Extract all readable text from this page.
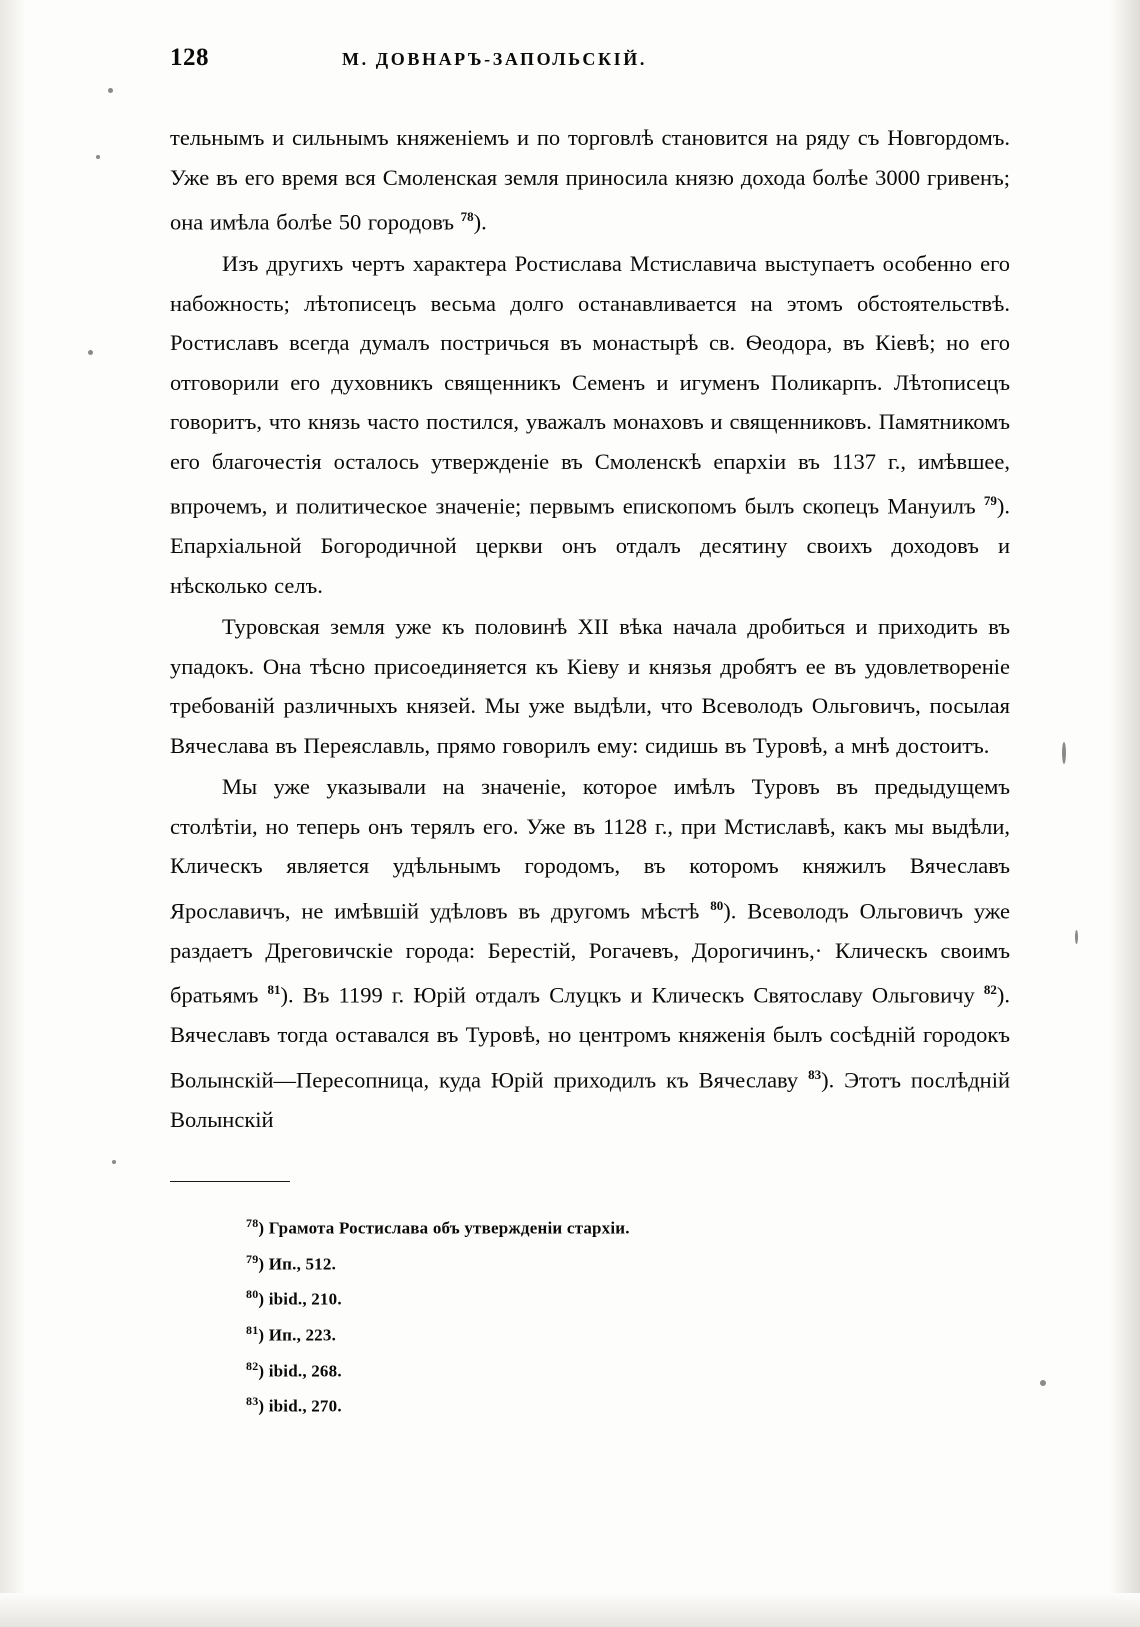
128	М. ДОВНАРЪ-ЗАПОЛЬСКІЙ.

тельнымъ и сильнымъ княженіемъ и по торговлѣ становится на ряду съ Новгордомъ. Уже въ его время вся Смоленская земля приносила князю дохода болѣе 3000 гривенъ; она имѣла болѣе 50 городовъ $^{78}$).

Изъ другихъ чертъ характера Ростислава Мстиславича выступаетъ особенно его набожность; лѣтописецъ весьма долго останавливается на этомъ обстоятельствѣ. Ростиславъ всегда думалъ постричься въ монастырѣ св. Ѳеодора, въ Кіевѣ; но его отговорили его духовникъ священникъ Семенъ и игуменъ Поликарпъ. Лѣтописецъ говоритъ, что князь часто постился, уважалъ монаховъ и священниковъ. Памятникомъ его благочестія осталось утвержденіе въ Смоленскѣ епархіи въ 1137 г., имѣвшее, впрочемъ, и политическое значеніе; первымъ епископомъ былъ скопецъ Мануилъ $^{79}$). Епархіальной Богородичной церкви онъ отдалъ десятину своихъ доходовъ и нѣсколько селъ.

Туровская земля уже къ половинѣ XII вѣка начала дробиться и приходить въ упадокъ. Она тѣсно присоединяется къ Кіеву и князья дробятъ ее въ удовлетвореніе требованій различныхъ князей. Мы уже выдѣли, что Всеволодъ Ольговичъ, посылая Вячеслава въ Переяславль, прямо говорилъ ему: сидишь въ Туровѣ, а мнѣ достоитъ.

Мы уже указывали на значеніе, которое имѣлъ Туровъ въ предыдущемъ столѣтіи, но теперь онъ терялъ его. Уже въ 1128 г., при Мстиславѣ, какъ мы выдѣли, Клическъ является удѣльнымъ городомъ, въ которомъ княжилъ Вячеславъ Ярославичъ, не имѣвшій удѣловъ въ другомъ мѣстѣ $^{80}$). Всеволодъ Ольговичъ уже раздаетъ Дреговичскіе города: Берестій, Рогачевъ, Дорогичинъ,· Клическъ своимъ братьямъ $^{81}$). Въ 1199 г. Юрій отдалъ Слуцкъ и Клическъ Святославу Ольговичу $^{82}$). Вячеславъ тогда оставался въ Туровѣ, но центромъ княженія былъ сосѣдній городокъ Волынскій—Пересопница, куда Юрій приходилъ къ Вячеславу $^{83}$). Этотъ послѣдній Волынскій

$^{78}$) Грамота Ростислава объ утвержденіи стархіи.
$^{79}$) Ип., 512.
$^{80}$) ibid., 210.
$^{81}$) Ип., 223.
$^{82}$) ibid., 268.
$^{83}$) ibid., 270.
